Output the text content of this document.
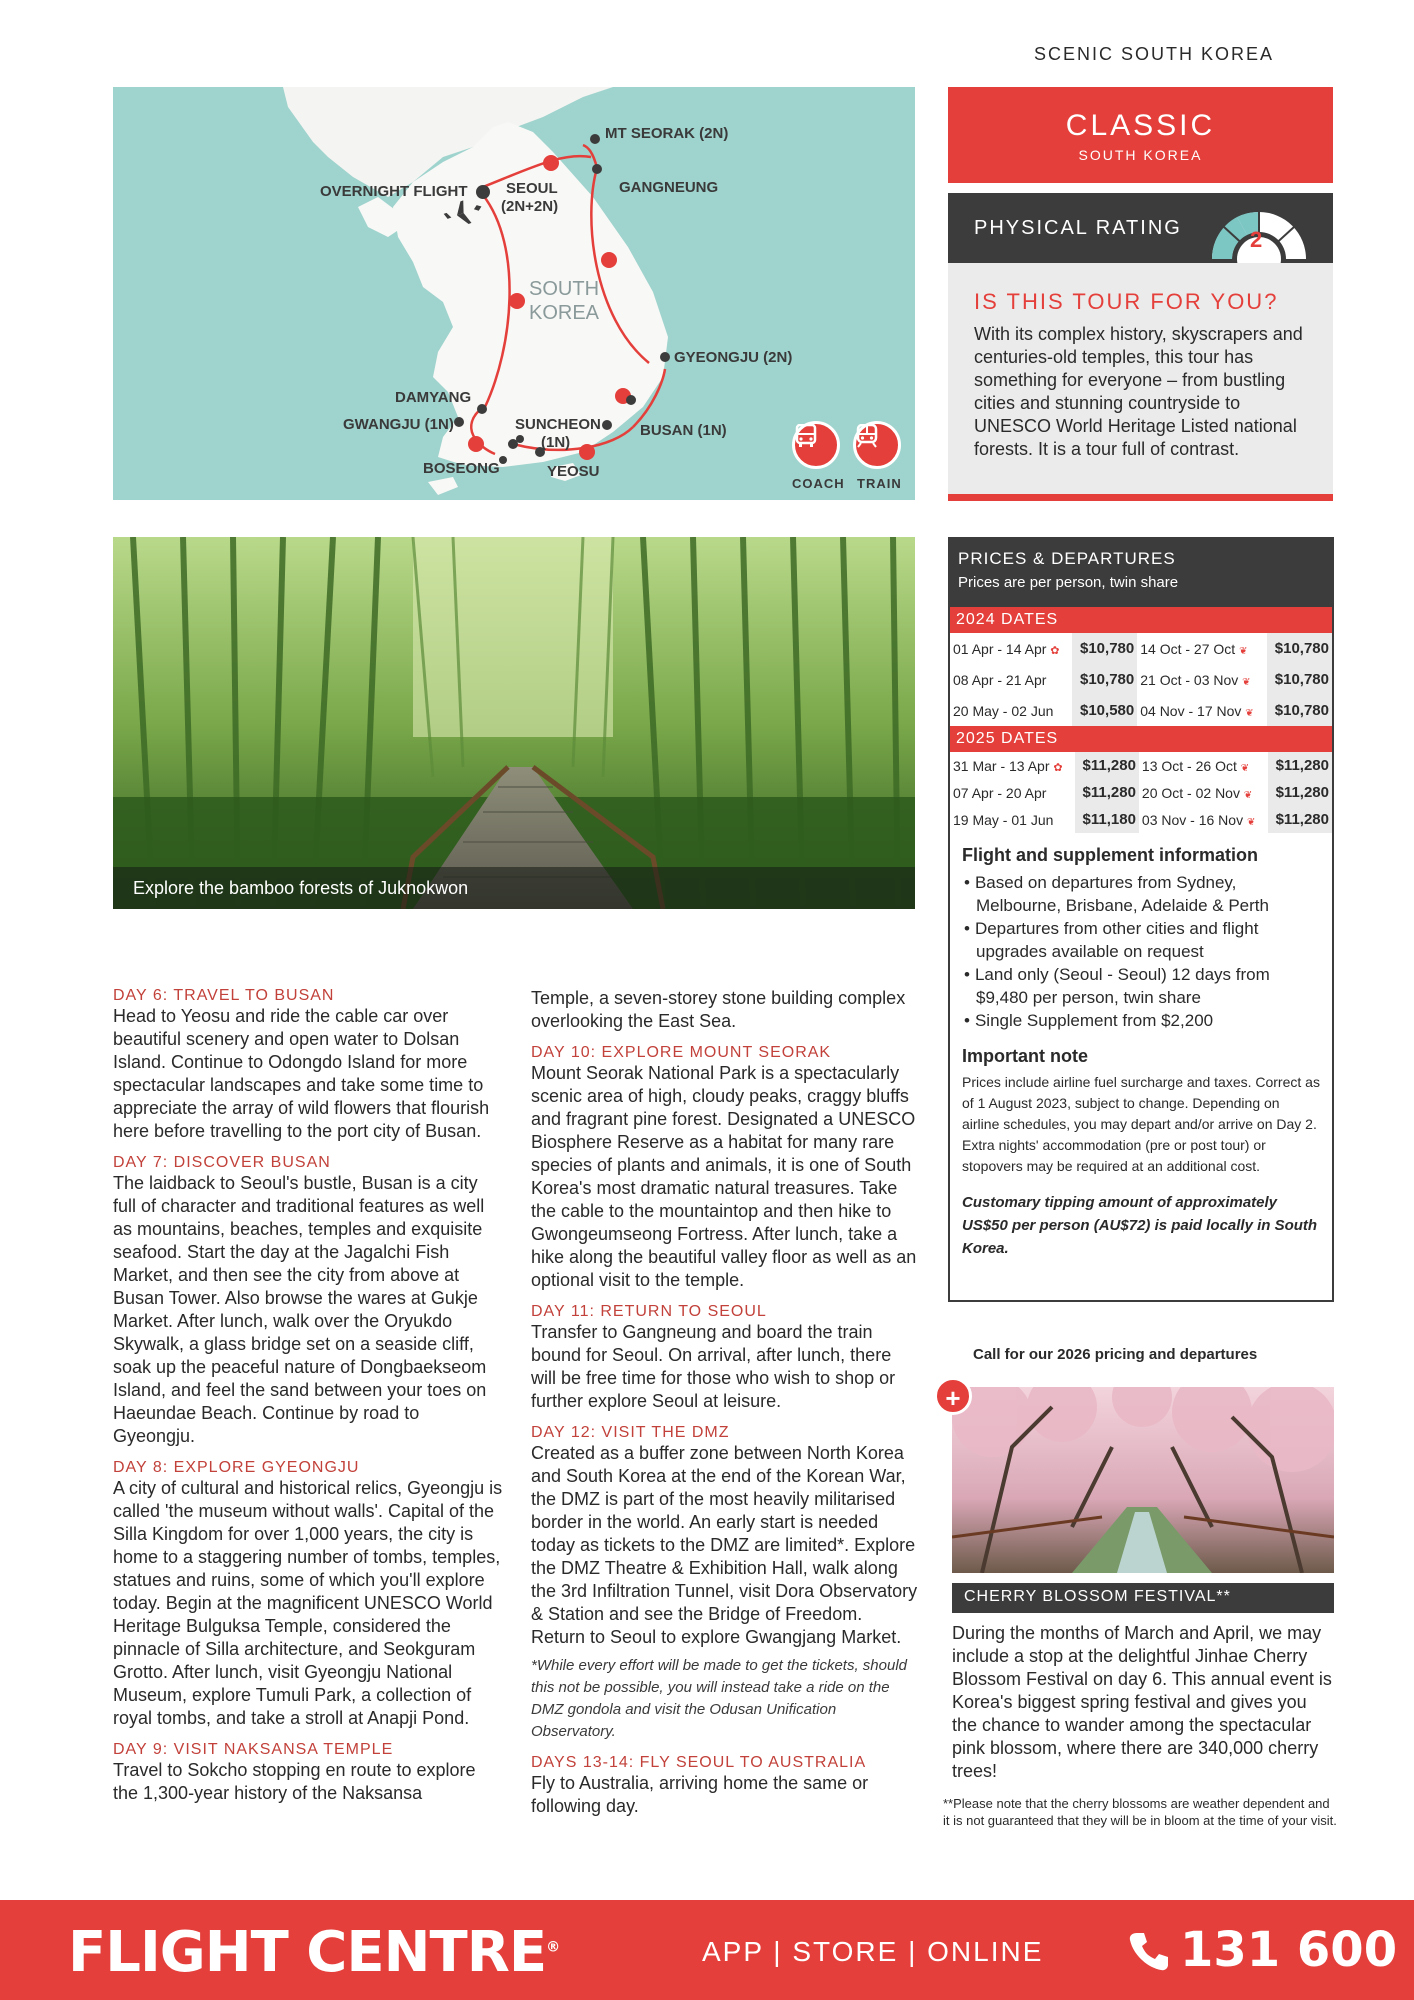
SCENIC SOUTH KOREA
MT SEORAK (2N)
GANGNEUNG
OVERNIGHT FLIGHT	SEOUL
(2N+2N)
SOUTH
KOREA
GYEONGJU (2N)
DAMYANG
GWANGJU (1N)	SUNCHEON
(1N)
BUSAN (1N)
BOSEONG	YEOSU
COACH TRAIN
CLASSIC
SOUTH KOREA
PHYSICAL RATING	2
IS THIS TOUR FOR YOU?
With its complex history, skyscrapers and centuries-old temples, this tour has something for everyone – from bustling cities and stunning countryside to UNESCO World Heritage Listed national forests. It is a tour full of contrast.
Explore the bamboo forests of Juknokwon
PRICES & DEPARTURES
Prices are per person, twin share
2024 DATES
01 Apr - 14 Apr ✿	$10,780	14 Oct - 27 Oct ❦	$10,780
08 Apr - 21 Apr	$10,780	21 Oct - 03 Nov ❦	$10,780
20 May - 02 Jun	$10,580	04 Nov - 17 Nov ❦	$10,780
2025 DATES
31 Mar - 13 Apr ✿	$11,280	13 Oct - 26 Oct ❦	$11,280
07 Apr - 20 Apr	$11,280	20 Oct - 02 Nov ❦	$11,280
19 May - 01 Jun	$11,180	03 Nov - 16 Nov ❦	$11,280
Flight and supplement information
• Based on departures from Sydney, Melbourne, Brisbane, Adelaide & Perth
• Departures from other cities and flight upgrades available on request
• Land only (Seoul - Seoul) 12 days from $9,480 per person, twin share
• Single Supplement from $2,200
Important note
Prices include airline fuel surcharge and taxes. Correct as of 1 August 2023, subject to change. Depending on airline schedules, you may depart and/or arrive on Day 2. Extra nights' accommodation (pre or post tour) or stopovers may be required at an additional cost.
Customary tipping amount of approximately US$50 per person (AU$72) is paid locally in South Korea.
Call for our 2026 pricing and departures
+
CHERRY BLOSSOM FESTIVAL**
During the months of March and April, we may include a stop at the delightful Jinhae Cherry Blossom Festival on day 6. This annual event is Korea's biggest spring festival and gives you the chance to wander among the spectacular pink blossom, where there are 340,000 cherry trees!
**Please note that the cherry blossoms are weather dependent and it is not guaranteed that they will be in bloom at the time of your visit.
DAY 6: TRAVEL TO BUSAN
Head to Yeosu and ride the cable car over beautiful scenery and open water to Dolsan Island. Continue to Odongdo Island for more spectacular landscapes and take some time to appreciate the array of wild flowers that flourish here before travelling to the port city of Busan.
DAY 7: DISCOVER BUSAN
The laidback to Seoul's bustle, Busan is a city full of character and traditional features as well as mountains, beaches, temples and exquisite seafood. Start the day at the Jagalchi Fish Market, and then see the city from above at Busan Tower. Also browse the wares at Gukje Market. After lunch, walk over the Oryukdo Skywalk, a glass bridge set on a seaside cliff, soak up the peaceful nature of Dongbaekseom Island, and feel the sand between your toes on Haeundae Beach. Continue by road to Gyeongju.
DAY 8: EXPLORE GYEONGJU
A city of cultural and historical relics, Gyeongju is called 'the museum without walls'. Capital of the Silla Kingdom for over 1,000 years, the city is home to a staggering number of tombs, temples, statues and ruins, some of which you'll explore today. Begin at the magnificent UNESCO World Heritage Bulguksa Temple, considered the pinnacle of Silla architecture, and Seokguram Grotto. After lunch, visit Gyeongju National Museum, explore Tumuli Park, a collection of royal tombs, and take a stroll at Anapji Pond.
DAY 9: VISIT NAKSANSA TEMPLE
Travel to Sokcho stopping en route to explore the 1,300-year history of the Naksansa
Temple, a seven-storey stone building complex overlooking the East Sea.
DAY 10: EXPLORE MOUNT SEORAK
Mount Seorak National Park is a spectacularly scenic area of high, cloudy peaks, craggy bluffs and fragrant pine forest. Designated a UNESCO Biosphere Reserve as a habitat for many rare species of plants and animals, it is one of South Korea's most dramatic natural treasures. Take the cable to the mountaintop and then hike to Gwongeumseong Fortress. After lunch, take a hike along the beautiful valley floor as well as an optional visit to the temple.
DAY 11: RETURN TO SEOUL
Transfer to Gangneung and board the train bound for Seoul. On arrival, after lunch, there will be free time for those who wish to shop or further explore Seoul at leisure.
DAY 12: VISIT THE DMZ
Created as a buffer zone between North Korea and South Korea at the end of the Korean War, the DMZ is part of the most heavily militarised border in the world. An early start is needed today as tickets to the DMZ are limited*. Explore the DMZ Theatre & Exhibition Hall, walk along the 3rd Infiltration Tunnel, visit Dora Observatory & Station and see the Bridge of Freedom. Return to Seoul to explore Gwangjang Market.
*While every effort will be made to get the tickets, should this not be possible, you will instead take a ride on the DMZ gondola and visit the Odusan Unification Observatory.
DAYS 13-14: FLY SEOUL TO AUSTRALIA
Fly to Australia, arriving home the same or following day.
FLIGHT CENTRE®	APP | STORE | ONLINE	131 600
